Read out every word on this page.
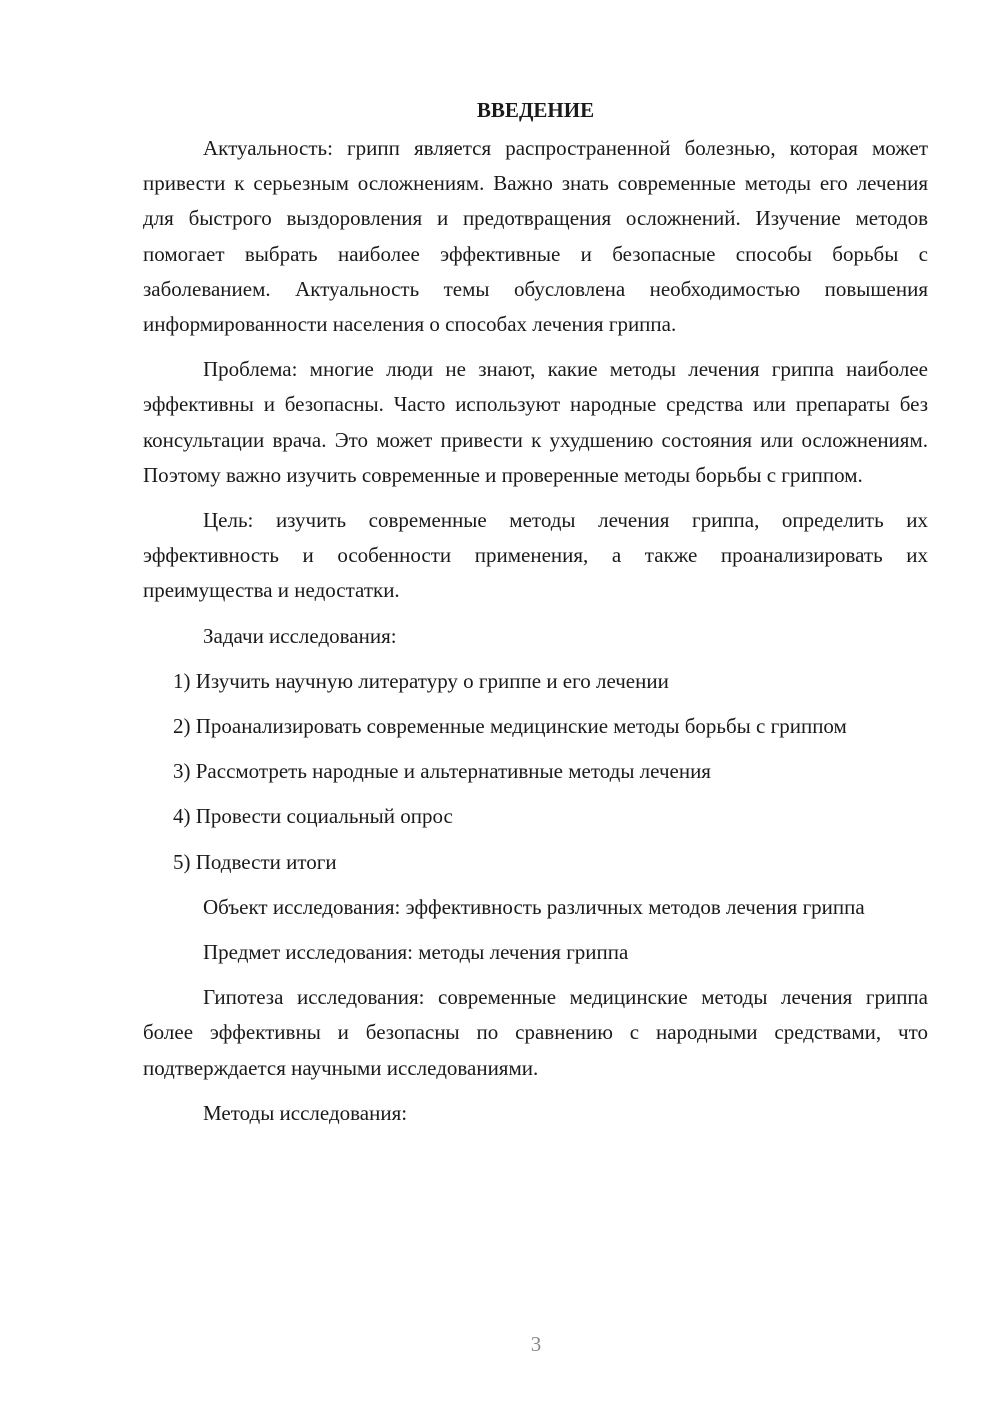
ВВЕДЕНИЕ

Актуальность: грипп является распространенной болезнью, которая может привести к серьезным осложнениям. Важно знать современные методы его лечения для быстрого выздоровления и предотвращения осложнений. Изучение методов помогает выбрать наиболее эффективные и безопасные способы борьбы с заболеванием. Актуальность темы обусловлена необходимостью повышения информированности населения о способах лечения гриппа.

Проблема: многие люди не знают, какие методы лечения гриппа наиболее эффективны и безопасны. Часто используют народные средства или препараты без консультации врача. Это может привести к ухудшению состояния или осложнениям. Поэтому важно изучить современные и проверенные методы борьбы с гриппом.

Цель: изучить современные методы лечения гриппа, определить их эффективность и особенности применения, а также проанализировать их преимущества и недостатки.

Задачи исследования:

1) Изучить научную литературу о гриппе и его лечении

2) Проанализировать современные медицинские методы борьбы с гриппом

3) Рассмотреть народные и альтернативные методы лечения

4) Провести социальный опрос

5) Подвести итоги

Объект исследования: эффективность различных методов лечения гриппа

Предмет исследования: методы лечения гриппа

Гипотеза исследования: современные медицинские методы лечения гриппа более эффективны и безопасны по сравнению с народными средствами, что подтверждается научными исследованиями.

Методы исследования:

3
